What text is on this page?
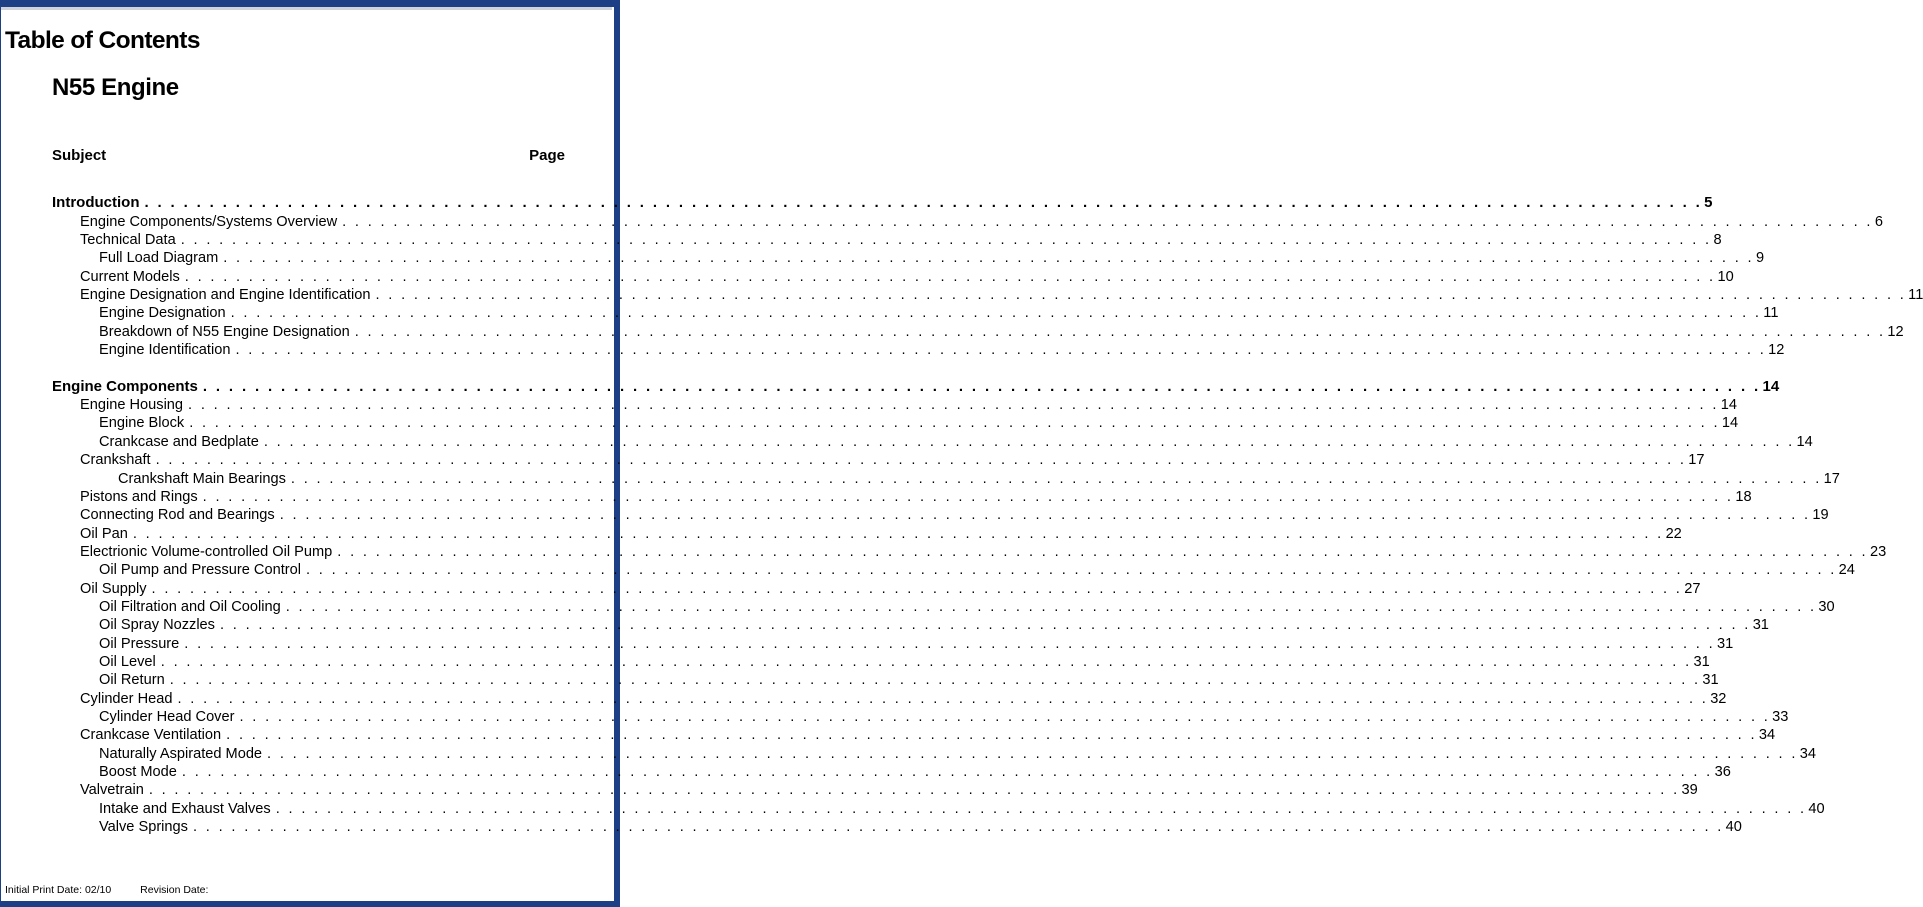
Table of Contents
N55 Engine
Subject	Page
Introduction . . . . . . . . . . . . . . . . . . . . . . . . . . . . . . . . . . . . . . . . . . . . . . . . . . . . . . . . . . . . . . . . . . . . . . . . . . . . . . . . . . . . . . . . . . . . . . . . . . . . . . . . . . . . . . . . . . . . . . . . 5
Engine Components/Systems Overview . . . . . . . . . . . . . . . . . . . . . . . . . . . . . . . . . . . . . . . . . . . . . . . . . . . . . . . . . . . . . . . . . . . . . . . . . . . . . . . . . . . . . . . . . . . . . . . . . . . . . . . . . . . . . . . . . . . . . . . . 6
Technical Data . . . . . . . . . . . . . . . . . . . . . . . . . . . . . . . . . . . . . . . . . . . . . . . . . . . . . . . . . . . . . . . . . . . . . . . . . . . . . . . . . . . . . . . . . . . . . . . . . . . . . . . . . . . . . . . . . . . . . . . . 8
Full Load Diagram . . . . . . . . . . . . . . . . . . . . . . . . . . . . . . . . . . . . . . . . . . . . . . . . . . . . . . . . . . . . . . . . . . . . . . . . . . . . . . . . . . . . . . . . . . . . . . . . . . . . . . . . . . . . . . . . . . . . . . . . 9
Current Models . . . . . . . . . . . . . . . . . . . . . . . . . . . . . . . . . . . . . . . . . . . . . . . . . . . . . . . . . . . . . . . . . . . . . . . . . . . . . . . . . . . . . . . . . . . . . . . . . . . . . . . . . . . . . . . . . . . . . . . . 10
Engine Designation and Engine Identification . . . . . . . . . . . . . . . . . . . . . . . . . . . . . . . . . . . . . . . . . . . . . . . . . . . . . . . . . . . . . . . . . . . . . . . . . . . . . . . . . . . . . . . . . . . . . . . . . . . . . . . . . . . . . . . . . . . . . . . . 11
Engine Designation . . . . . . . . . . . . . . . . . . . . . . . . . . . . . . . . . . . . . . . . . . . . . . . . . . . . . . . . . . . . . . . . . . . . . . . . . . . . . . . . . . . . . . . . . . . . . . . . . . . . . . . . . . . . . . . . . . . . . . . . 11
Breakdown of N55 Engine Designation . . . . . . . . . . . . . . . . . . . . . . . . . . . . . . . . . . . . . . . . . . . . . . . . . . . . . . . . . . . . . . . . . . . . . . . . . . . . . . . . . . . . . . . . . . . . . . . . . . . . . . . . . . . . . . . . . . . . . . . . 12
Engine Identification . . . . . . . . . . . . . . . . . . . . . . . . . . . . . . . . . . . . . . . . . . . . . . . . . . . . . . . . . . . . . . . . . . . . . . . . . . . . . . . . . . . . . . . . . . . . . . . . . . . . . . . . . . . . . . . . . . . . . . . . 12
Engine Components . . . . . . . . . . . . . . . . . . . . . . . . . . . . . . . . . . . . . . . . . . . . . . . . . . . . . . . . . . . . . . . . . . . . . . . . . . . . . . . . . . . . . . . . . . . . . . . . . . . . . . . . . . . . . . . . . . . . . . . . 14
Engine Housing . . . . . . . . . . . . . . . . . . . . . . . . . . . . . . . . . . . . . . . . . . . . . . . . . . . . . . . . . . . . . . . . . . . . . . . . . . . . . . . . . . . . . . . . . . . . . . . . . . . . . . . . . . . . . . . . . . . . . . . . 14
Engine Block . . . . . . . . . . . . . . . . . . . . . . . . . . . . . . . . . . . . . . . . . . . . . . . . . . . . . . . . . . . . . . . . . . . . . . . . . . . . . . . . . . . . . . . . . . . . . . . . . . . . . . . . . . . . . . . . . . . . . . . . 14
Crankcase and Bedplate . . . . . . . . . . . . . . . . . . . . . . . . . . . . . . . . . . . . . . . . . . . . . . . . . . . . . . . . . . . . . . . . . . . . . . . . . . . . . . . . . . . . . . . . . . . . . . . . . . . . . . . . . . . . . . . . . . . . . . . . 14
Crankshaft . . . . . . . . . . . . . . . . . . . . . . . . . . . . . . . . . . . . . . . . . . . . . . . . . . . . . . . . . . . . . . . . . . . . . . . . . . . . . . . . . . . . . . . . . . . . . . . . . . . . . . . . . . . . . . . . . . . . . . . . 17
Crankshaft Main Bearings . . . . . . . . . . . . . . . . . . . . . . . . . . . . . . . . . . . . . . . . . . . . . . . . . . . . . . . . . . . . . . . . . . . . . . . . . . . . . . . . . . . . . . . . . . . . . . . . . . . . . . . . . . . . . . . . . . . . . . . . 17
Pistons and Rings . . . . . . . . . . . . . . . . . . . . . . . . . . . . . . . . . . . . . . . . . . . . . . . . . . . . . . . . . . . . . . . . . . . . . . . . . . . . . . . . . . . . . . . . . . . . . . . . . . . . . . . . . . . . . . . . . . . . . . . . 18
Connecting Rod and Bearings . . . . . . . . . . . . . . . . . . . . . . . . . . . . . . . . . . . . . . . . . . . . . . . . . . . . . . . . . . . . . . . . . . . . . . . . . . . . . . . . . . . . . . . . . . . . . . . . . . . . . . . . . . . . . . . . . . . . . . . . 19
Oil Pan . . . . . . . . . . . . . . . . . . . . . . . . . . . . . . . . . . . . . . . . . . . . . . . . . . . . . . . . . . . . . . . . . . . . . . . . . . . . . . . . . . . . . . . . . . . . . . . . . . . . . . . . . . . . . . . . . . . . . . . . 22
Electrionic Volume-controlled Oil Pump . . . . . . . . . . . . . . . . . . . . . . . . . . . . . . . . . . . . . . . . . . . . . . . . . . . . . . . . . . . . . . . . . . . . . . . . . . . . . . . . . . . . . . . . . . . . . . . . . . . . . . . . . . . . . . . . . . . . . . . . 23
Oil Pump and Pressure Control . . . . . . . . . . . . . . . . . . . . . . . . . . . . . . . . . . . . . . . . . . . . . . . . . . . . . . . . . . . . . . . . . . . . . . . . . . . . . . . . . . . . . . . . . . . . . . . . . . . . . . . . . . . . . . . . . . . . . . . . 24
Oil Supply . . . . . . . . . . . . . . . . . . . . . . . . . . . . . . . . . . . . . . . . . . . . . . . . . . . . . . . . . . . . . . . . . . . . . . . . . . . . . . . . . . . . . . . . . . . . . . . . . . . . . . . . . . . . . . . . . . . . . . . . 27
Oil Filtration and Oil Cooling . . . . . . . . . . . . . . . . . . . . . . . . . . . . . . . . . . . . . . . . . . . . . . . . . . . . . . . . . . . . . . . . . . . . . . . . . . . . . . . . . . . . . . . . . . . . . . . . . . . . . . . . . . . . . . . . . . . . . . . . 30
Oil Spray Nozzles . . . . . . . . . . . . . . . . . . . . . . . . . . . . . . . . . . . . . . . . . . . . . . . . . . . . . . . . . . . . . . . . . . . . . . . . . . . . . . . . . . . . . . . . . . . . . . . . . . . . . . . . . . . . . . . . . . . . . . . . 31
Oil Pressure . . . . . . . . . . . . . . . . . . . . . . . . . . . . . . . . . . . . . . . . . . . . . . . . . . . . . . . . . . . . . . . . . . . . . . . . . . . . . . . . . . . . . . . . . . . . . . . . . . . . . . . . . . . . . . . . . . . . . . . . 31
Oil Level . . . . . . . . . . . . . . . . . . . . . . . . . . . . . . . . . . . . . . . . . . . . . . . . . . . . . . . . . . . . . . . . . . . . . . . . . . . . . . . . . . . . . . . . . . . . . . . . . . . . . . . . . . . . . . . . . . . . . . . . 31
Oil Return . . . . . . . . . . . . . . . . . . . . . . . . . . . . . . . . . . . . . . . . . . . . . . . . . . . . . . . . . . . . . . . . . . . . . . . . . . . . . . . . . . . . . . . . . . . . . . . . . . . . . . . . . . . . . . . . . . . . . . . . 31
Cylinder Head . . . . . . . . . . . . . . . . . . . . . . . . . . . . . . . . . . . . . . . . . . . . . . . . . . . . . . . . . . . . . . . . . . . . . . . . . . . . . . . . . . . . . . . . . . . . . . . . . . . . . . . . . . . . . . . . . . . . . . . . 32
Cylinder Head Cover . . . . . . . . . . . . . . . . . . . . . . . . . . . . . . . . . . . . . . . . . . . . . . . . . . . . . . . . . . . . . . . . . . . . . . . . . . . . . . . . . . . . . . . . . . . . . . . . . . . . . . . . . . . . . . . . . . . . . . . . 33
Crankcase Ventilation . . . . . . . . . . . . . . . . . . . . . . . . . . . . . . . . . . . . . . . . . . . . . . . . . . . . . . . . . . . . . . . . . . . . . . . . . . . . . . . . . . . . . . . . . . . . . . . . . . . . . . . . . . . . . . . . . . . . . . . . 34
Naturally Aspirated Mode . . . . . . . . . . . . . . . . . . . . . . . . . . . . . . . . . . . . . . . . . . . . . . . . . . . . . . . . . . . . . . . . . . . . . . . . . . . . . . . . . . . . . . . . . . . . . . . . . . . . . . . . . . . . . . . . . . . . . . . . 34
Boost Mode . . . . . . . . . . . . . . . . . . . . . . . . . . . . . . . . . . . . . . . . . . . . . . . . . . . . . . . . . . . . . . . . . . . . . . . . . . . . . . . . . . . . . . . . . . . . . . . . . . . . . . . . . . . . . . . . . . . . . . . . 36
Valvetrain . . . . . . . . . . . . . . . . . . . . . . . . . . . . . . . . . . . . . . . . . . . . . . . . . . . . . . . . . . . . . . . . . . . . . . . . . . . . . . . . . . . . . . . . . . . . . . . . . . . . . . . . . . . . . . . . . . . . . . . . 39
Intake and Exhaust Valves . . . . . . . . . . . . . . . . . . . . . . . . . . . . . . . . . . . . . . . . . . . . . . . . . . . . . . . . . . . . . . . . . . . . . . . . . . . . . . . . . . . . . . . . . . . . . . . . . . . . . . . . . . . . . . . . . . . . . . . . 40
Valve Springs . . . . . . . . . . . . . . . . . . . . . . . . . . . . . . . . . . . . . . . . . . . . . . . . . . . . . . . . . . . . . . . . . . . . . . . . . . . . . . . . . . . . . . . . . . . . . . . . . . . . . . . . . . . . . . . . . . . . . . . . 40
Initial Print Date: 02/10	Revision Date:
